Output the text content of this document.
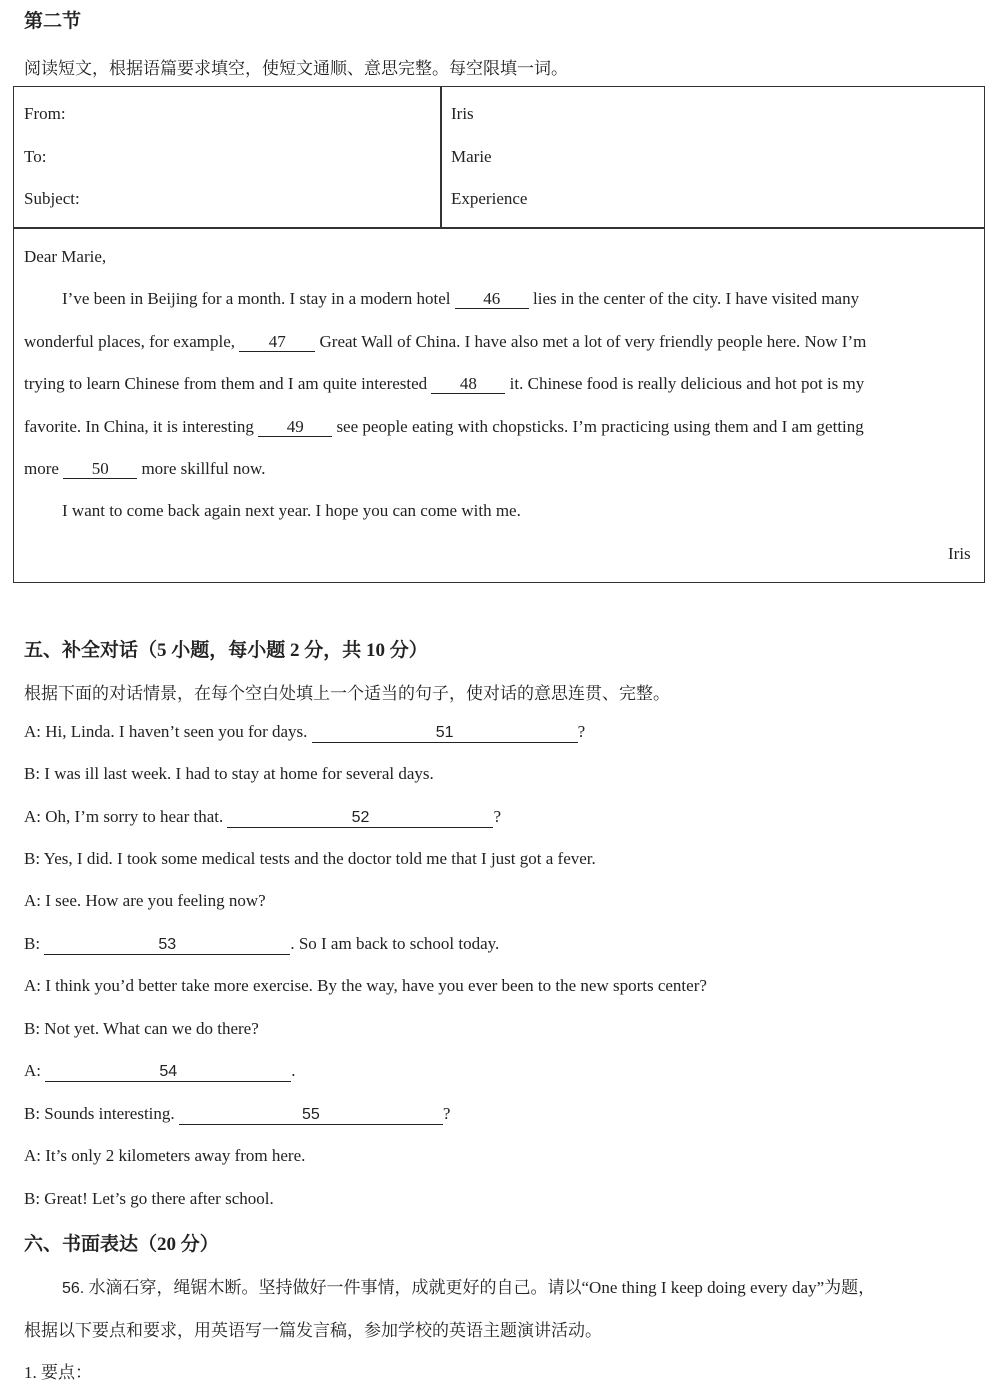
第二节
阅读短文，根据语篇要求填空，使短文通顺、意思完整。每空限填一词。
From:	Iris
To:	Marie
Subject:	Experience
Dear Marie,
I’ve been in Beijing for a month. I stay in a modern hotel 46 lies in the center of the city. I have visited many
wonderful places, for example, 47 Great Wall of China. I have also met a lot of very friendly people here. Now I’m
trying to learn Chinese from them and I am quite interested 48 it. Chinese food is really delicious and hot pot is my
favorite. In China, it is interesting 49 see people eating with chopsticks. I’m practicing using them and I am getting
more 50 more skillful now.
I want to come back again next year. I hope you can come with me.
Iris
五、补全对话（5 小题，每小题 2 分，共 10 分）
根据下面的对话情景，在每个空白处填上一个适当的句子，使对话的意思连贯、完整。
A: Hi, Linda. I haven’t seen you for days.	51	?
B: I was ill last week. I had to stay at home for several days.
A: Oh, I’m sorry to hear that.	52	?
B: Yes, I did. I took some medical tests and the doctor told me that I just got a fever.
A: I see. How are you feeling now?
B:	53	. So I am back to school today.
A: I think you’d better take more exercise. By the way, have you ever been to the new sports center?
B: Not yet. What can we do there?
A:	54	.
B: Sounds interesting.	55	?
A: It’s only 2 kilometers away from here.
B: Great! Let’s go there after school.
六、书面表达（20 分）
56. 水滴石穿，绳锯木断。坚持做好一件事情，成就更好的自己。请以“One thing I keep doing every day”为题，
根据以下要点和要求，用英语写一篇发言稿，参加学校的英语主题演讲活动。
1. 要点：
